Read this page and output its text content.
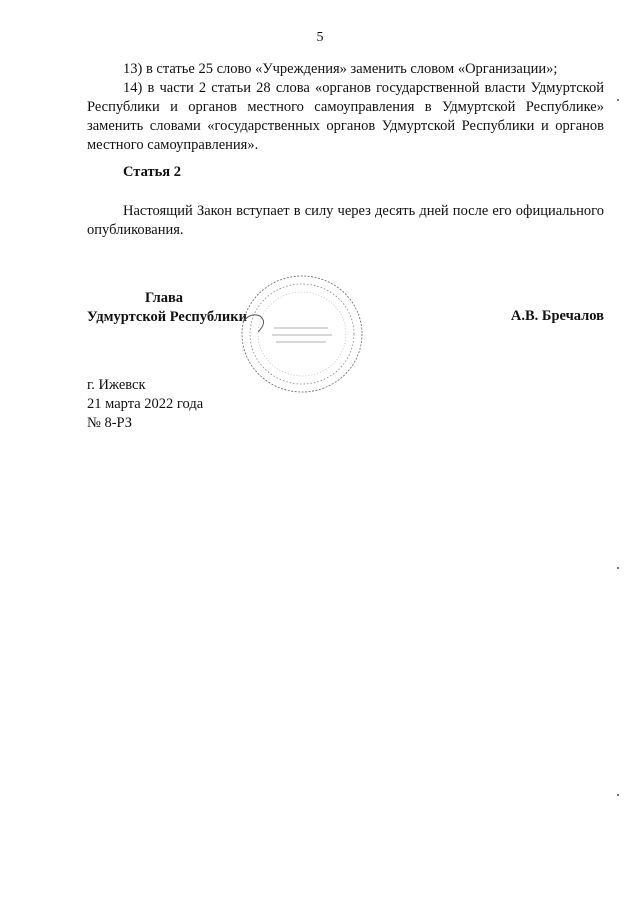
5

13) в статье 25 слово «Учреждения» заменить словом «Организации»;

14) в части 2 статьи 28 слова «органов государственной власти Удмуртской Республики и органов местного самоуправления в Удмуртской Республике» заменить словами «государственных органов Удмуртской Республики и органов местного самоуправления».

Статья 2

Настоящий Закон вступает в силу через десять дней после его официального опубликования.

Глава
Удмуртской Республики	А.В. Бречалов
г. Ижевск
21 марта 2022 года
№ 8-РЗ
